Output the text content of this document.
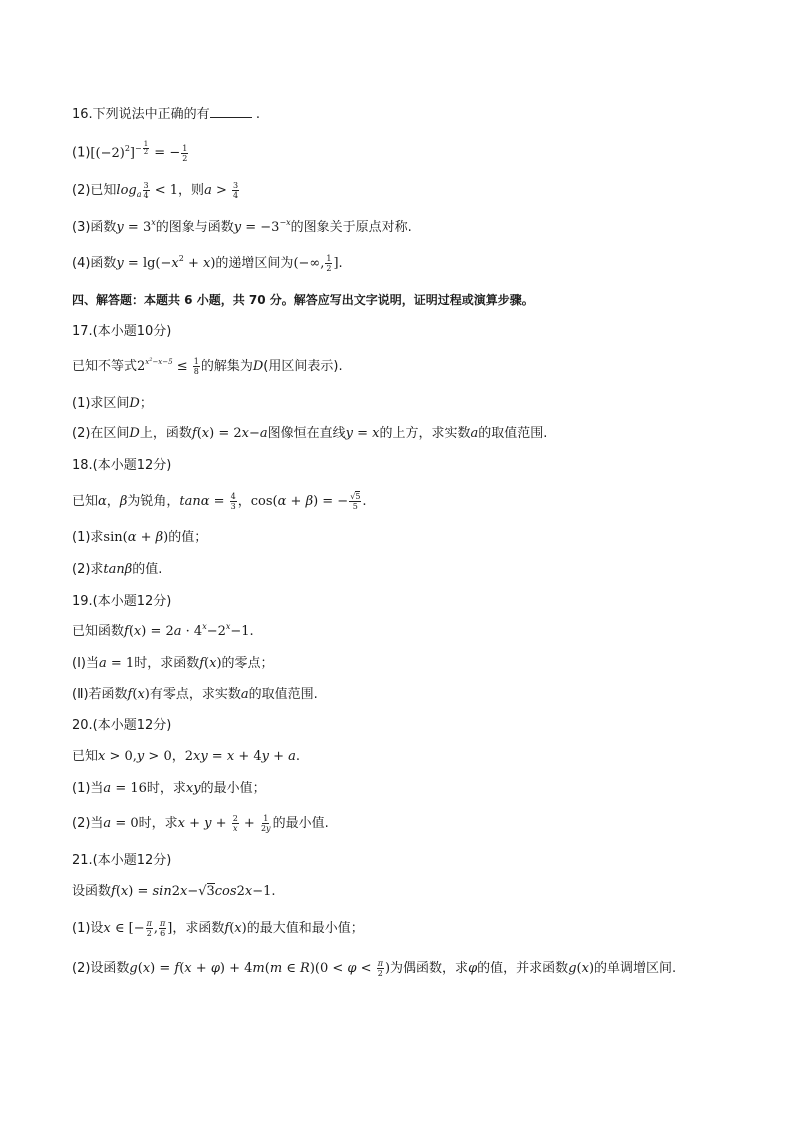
16.下列说法中正确的有	.
$(1)[(-2)^2]^{- \frac{1}{2}}$ = − $\frac{1}{2}$
(2)已知$\log_a \frac{3}{4} < 1$，则$a > \frac{3}{4}$
(3)函数$y = 3^x$的图象与函数$y = -3^{-x}$的图象关于原点对称.
(4)函数$y = \lg(-x^2 + x)$的递增区间为(−∞, $\frac{1}{2}$ ].
四、解答题：本题共 6 小题，共 70 分。解答应写出文字说明，证明过程或演算步骤。
17.(本小题10分)
已知不等式$2^{x^2-x-5} \le \frac{1}{8}$ 的解集为D(用区间表示).
(1)求区间D；
(2)在区间D上，函数f(x) = 2x−a图像恒在直线y = x的上方，求实数a的取值范围.
18.(本小题12分)
已知α，β为锐角，$\tan\alpha = \frac{4}{3}$ ，cos(α + β) = − $\frac{√5}{5}$ .
(1)求sin(α + β)的值；
(2)求tanβ的值.
19.(本小题12分)
已知函数$f(x) = 2a \cdot 4^x-2^x-1$.
(Ⅰ)当a = 1时，求函数f(x)的零点；
(Ⅱ)若函数f(x)有零点，求实数a的取值范围.
20.(本小题12分)
已知x > 0,y > 0，2xy = x + 4y + a.
(1)当a = 16时，求xy的最小值；
(2)当a = 0时，求$x + y + \frac{2}{x} + \frac{1}{2y}$ 的最小值.
21.(本小题12分)
设函数f(x) = sin2x−√3cos2x−1.
(1)设x ∈ [− $\frac{\pi}{2}$ , $\frac{\pi}{6}$ ]，求函数f(x)的最大值和最小值；
(2)设函数g(x) = f(x + φ) + 4m(m ∈ $R)(0 < \varphi < \frac{\pi}{2}$ )为偶函数，求φ的值，并求函数g(x)的单调增区间.
